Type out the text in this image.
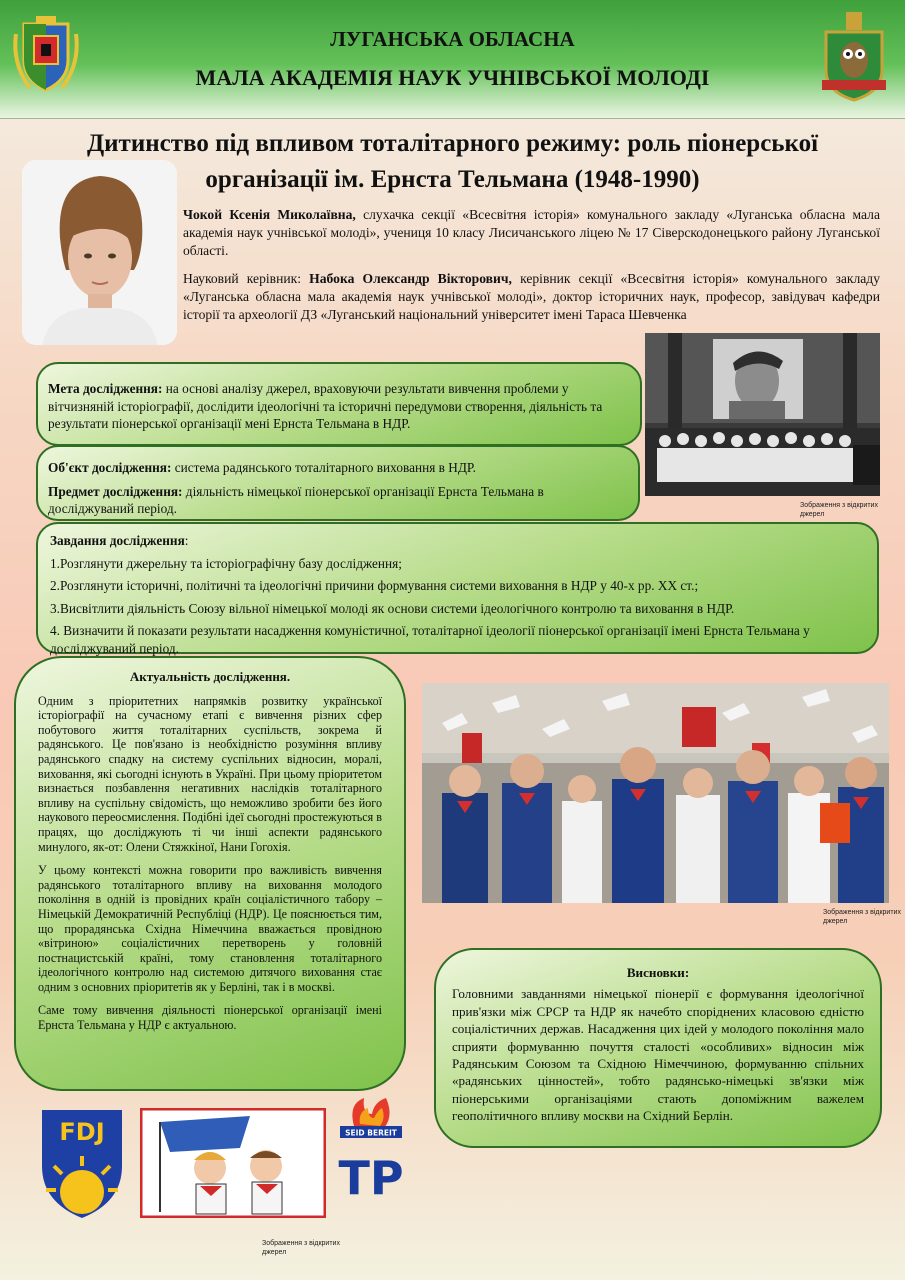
ЛУГАНСЬКА ОБЛАСНА
МАЛА АКАДЕМІЯ НАУК УЧНІВСЬКОЇ МОЛОДІ
Дитинство під впливом тоталітарного режиму: роль піонерської організації ім. Ернста Тельмана (1948-1990)

Чокой Ксенія Миколаївна, слухачка секції «Всесвітня історія» комунального закладу «Луганська обласна мала академія наук учнівської молоді», учениця 10 класу Лисичанського ліцею № 17 Сіверскодонецького району Луганської області.

Науковий керівник: Набока Олександр Вікторович, керівник секції «Всесвітня історія» комунального закладу «Луганська обласна мала академія наук учнівської молоді», доктор історичних наук, професор, завідувач кафедри історії та археології ДЗ «Луганський національний університет імені Тараса Шевченка

Зображення з відкритих джерел

Мета дослідження: на основі аналізу джерел, враховуючи результати вивчення проблеми у вітчизняній історіографії, дослідити ідеологічні та історичні передумови створення, діяльність та результати піонерської організації мені Ернста Тельмана в НДР.

Об'єкт дослідження: система радянського тоталітарного виховання в НДР.

Предмет дослідження: діяльність німецької піонерської організації Ернста Тельмана в досліджуваний період.

Завдання дослідження:

1.Розглянути джерельну та історіографічну базу дослідження;

2.Розглянути історичні, політичні та ідеологічні причини формування системи виховання в НДР у 40-х рр. ХХ ст.;

3.Висвітлити діяльність Союзу вільної німецької молоді як основи системи ідеологічного контролю та виховання в НДР.

4. Визначити й показати результати насадження комуністичної, тоталітарної ідеології піонерської організації імені Ернста Тельмана у досліджуваний період.

Актуальність дослідження.

Одним з пріоритетних напрямків розвитку української історіографії на сучасному етапі є вивчення різних сфер побутового життя тоталітарних суспільств, зокрема й радянського. Це пов'язано із необхідністю розуміння впливу радянського спадку на систему суспільних відносин, моралі, виховання, які сьогодні існують в Україні. При цьому пріоритетом визнається позбавлення негативних наслідків тоталітарного впливу на суспільну свідомість, що неможливо зробити без його наукового переосмислення. Подібні ідеї сьогодні простежуються в працях, що досліджують ті чи інші аспекти радянського минулого, як-от: Олени Стяжкіної, Нани Гогохія.

У цьому контексті можна говорити про важливість вивчення радянського тоталітарного впливу на виховання молодого покоління в одній із провідних країн соціалістичного табору – Німецькій Демократичній Республіці (НДР). Це пояснюється тим, що прорадянська Східна Німеччина вважається провідною «вітриною» соціалістичних перетворень у головній постнацистській країні, тому становлення тоталітарного ідеологічного контролю над системою дитячого виховання стає одним з основних пріоритетів як у Берліні, так і в москві.

Саме тому вивчення діяльності піонерської організації імені Ернста Тельмана у НДР є актуальною.

Зображення з відкритих джерел
Висновки:

Головними завданнями німецької піонерії є формування ідеологічної прив'язки між СРСР та НДР як начебто споріднених класовою єдністю соціалістичних держав. Насадження цих ідей у молодого покоління мало сприяти формуванню почуття сталості «особливих» відносин між Радянським Союзом та Східною Німеччиною, формуванню спільних «радянських цінностей», тобто радянсько-німецькі зв'язки між піонерськими організаціями стають допоміжним важелем геополітичного впливу москви на Східний Берлін.

FDJ	SEID BEREIT
TP
Зображення з відкритих джерел
